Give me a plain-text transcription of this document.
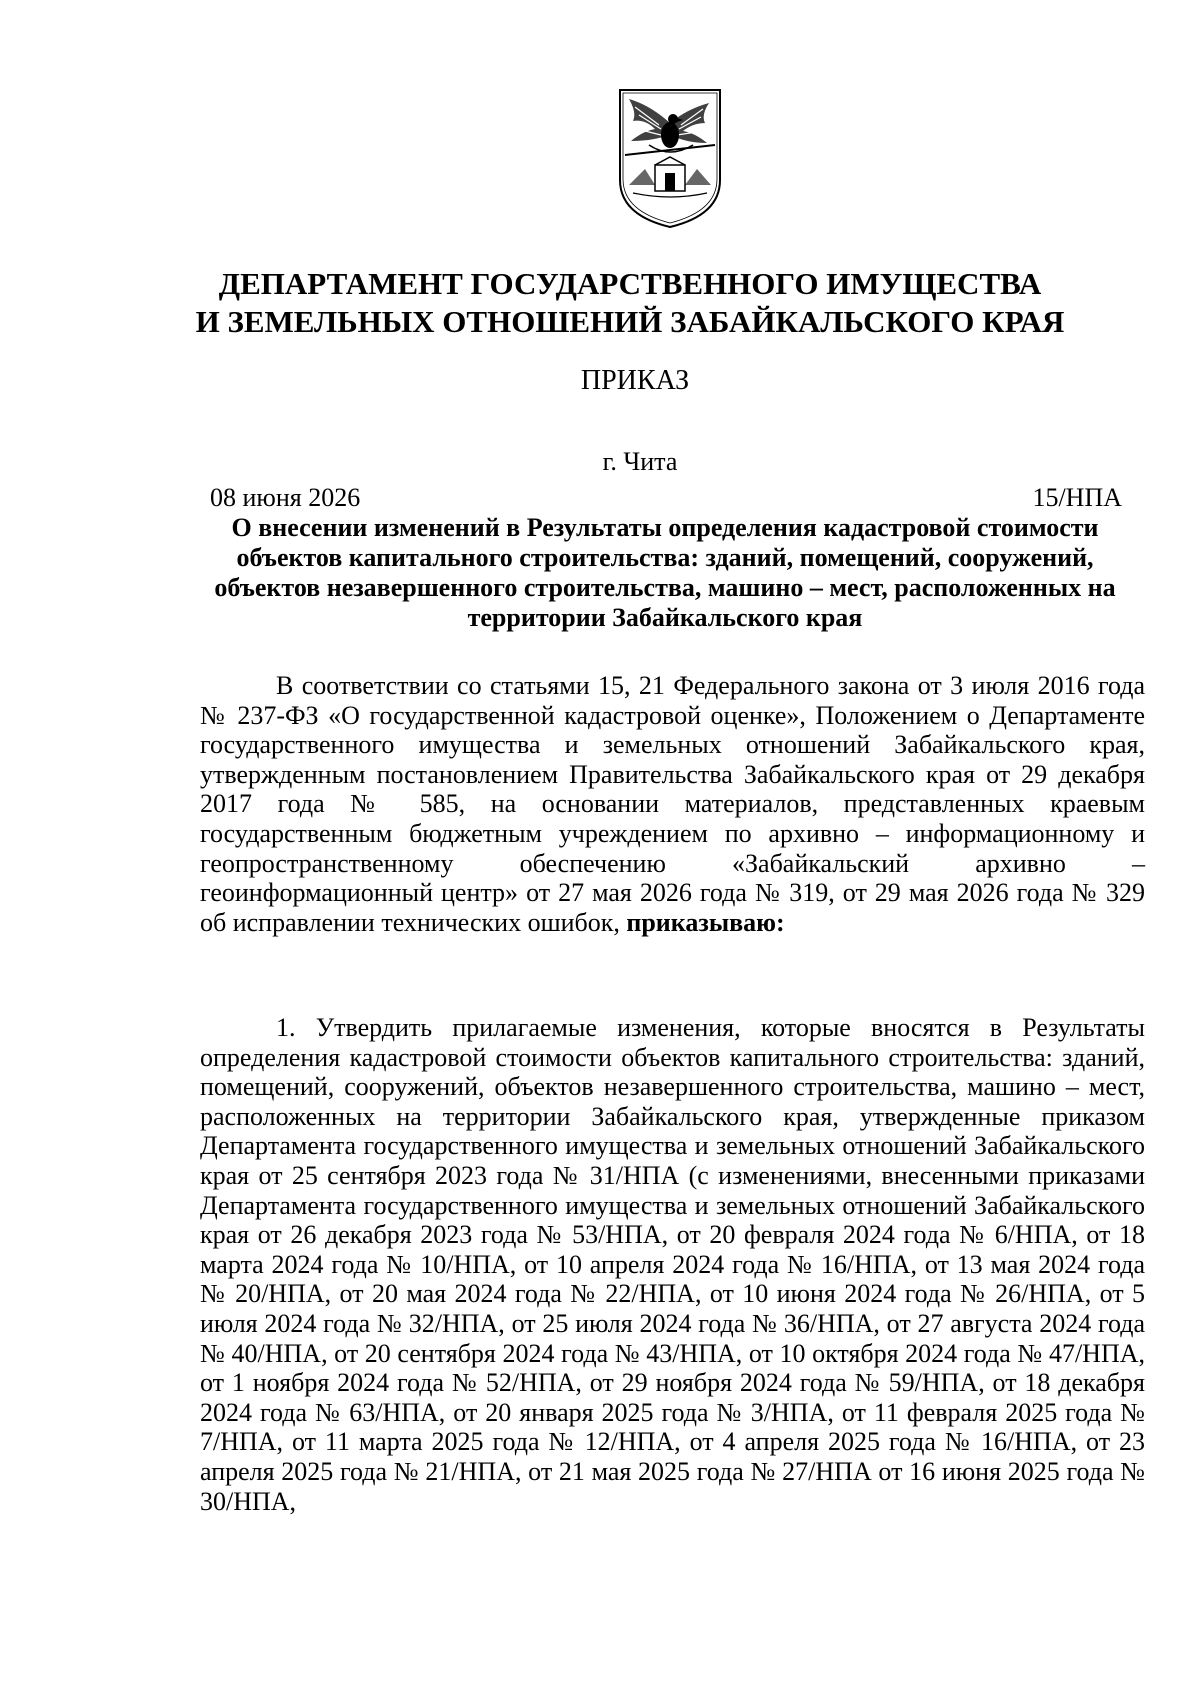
ДЕПАРТАМЕНТ ГОСУДАРСТВЕННОГО ИМУЩЕСТВА
И ЗЕМЕЛЬНЫХ ОТНОШЕНИЙ ЗАБАЙКАЛЬСКОГО КРАЯ
ПРИКАЗ
г. Чита
08 июня 2026	15/НПА
О внесении изменений в Результаты определения кадастровой стоимости объектов капитального строительства: зданий, помещений, сооружений, объектов незавершенного строительства, машино – мест, расположенных на территории Забайкальского края

В соответствии со статьями 15, 21 Федерального закона от 3 июля 2016 года № 237-ФЗ «О государственной кадастровой оценке», Положением о Департаменте государственного имущества и земельных отношений Забайкальского края, утвержденным постановлением Правительства Забайкальского края от 29 декабря 2017 года № 585, на основании материалов, представленных краевым государственным бюджетным учреждением по архивно – информационному и геопространственному обеспечению «Забайкальский архивно – геоинформационный центр» от 27 мая 2026 года № 319, от 29 мая 2026 года № 329 об исправлении технических ошибок, приказываю:

1. Утвердить прилагаемые изменения, которые вносятся в Результаты определения кадастровой стоимости объектов капитального строительства: зданий, помещений, сооружений, объектов незавершенного строительства, машино – мест, расположенных на территории Забайкальского края, утвержденные приказом Департамента государственного имущества и земельных отношений Забайкальского края от 25 сентября 2023 года № 31/НПА (с изменениями, внесенными приказами Департамента государственного имущества и земельных отношений Забайкальского края от 26 декабря 2023 года № 53/НПА, от 20 февраля 2024 года № 6/НПА, от 18 марта 2024 года № 10/НПА, от 10 апреля 2024 года № 16/НПА, от 13 мая 2024 года № 20/НПА, от 20 мая 2024 года № 22/НПА, от 10 июня 2024 года № 26/НПА, от 5 июля 2024 года № 32/НПА, от 25 июля 2024 года № 36/НПА, от 27 августа 2024 года № 40/НПА, от 20 сентября 2024 года № 43/НПА, от 10 октября 2024 года № 47/НПА, от 1 ноября 2024 года № 52/НПА, от 29 ноября 2024 года № 59/НПА, от 18 декабря 2024 года № 63/НПА, от 20 января 2025 года № 3/НПА, от 11 февраля 2025 года № 7/НПА, от 11 марта 2025 года № 12/НПА, от 4 апреля 2025 года № 16/НПА, от 23 апреля 2025 года № 21/НПА, от 21 мая 2025 года № 27/НПА от 16 июня 2025 года № 30/НПА,
